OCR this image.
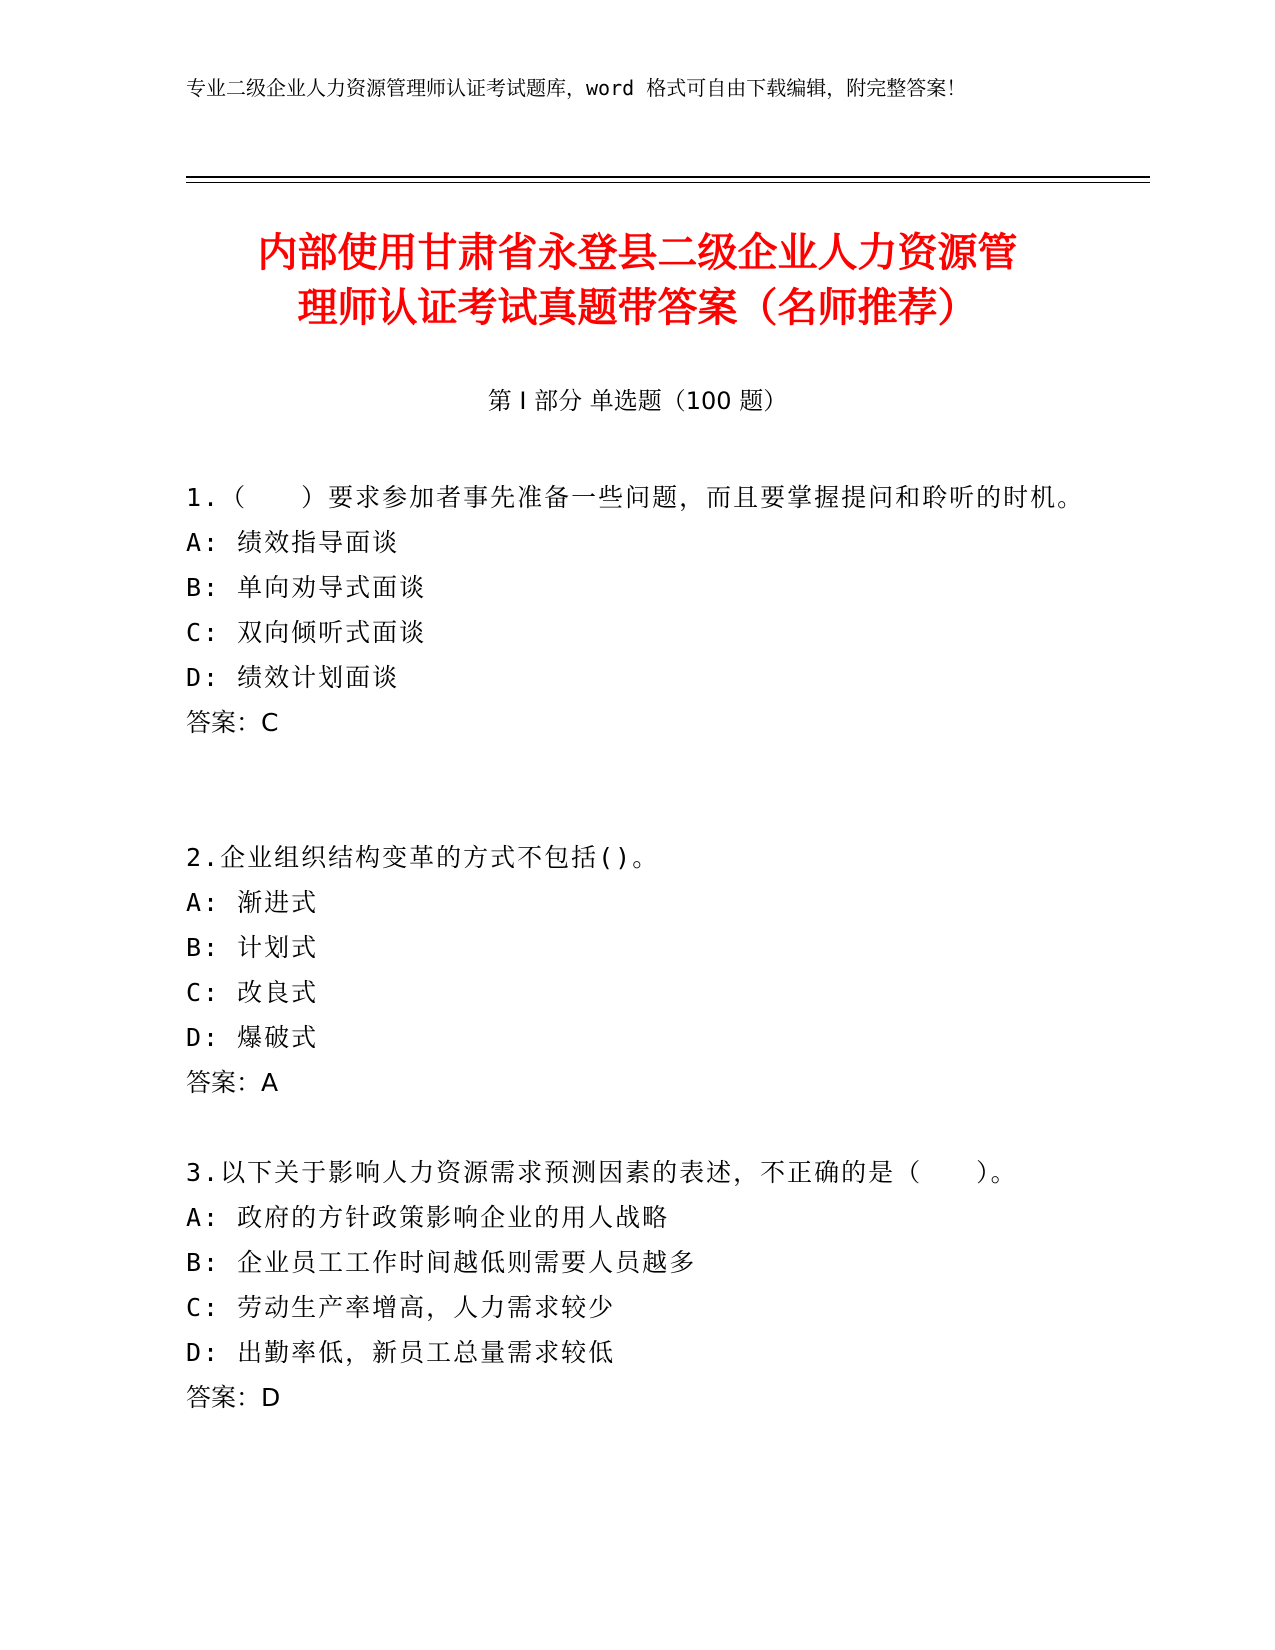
专业二级企业人力资源管理师认证考试题库，word 格式可自由下载编辑，附完整答案！
内部使用甘肃省永登县二级企业人力资源管
理师认证考试真题带答案（名师推荐）
第 I 部分 单选题（100 题）

1.（　　）要求参加者事先准备一些问题，而且要掌握提问和聆听的时机。

A: 绩效指导面谈

B: 单向劝导式面谈

C: 双向倾听式面谈

D: 绩效计划面谈

答案：C

2.企业组织结构变革的方式不包括()。

A: 渐进式

B: 计划式

C: 改良式

D: 爆破式

答案：A

3.以下关于影响人力资源需求预测因素的表述，不正确的是（　　）。

A: 政府的方针政策影响企业的用人战略

B: 企业员工工作时间越低则需要人员越多

C: 劳动生产率增高，人力需求较少

D: 出勤率低，新员工总量需求较低

答案：D
